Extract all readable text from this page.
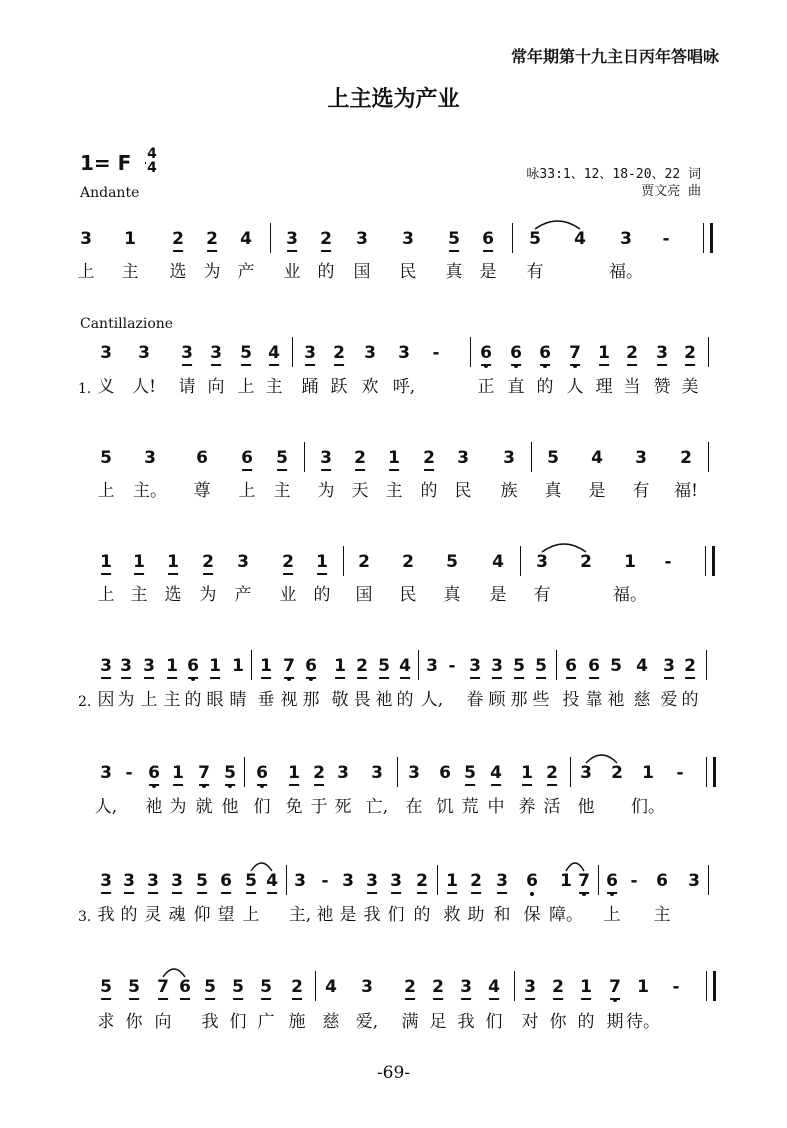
常年期第十九主日丙年答唱咏
上主选为产业
1= F 4
4
Andante
咏33:1、12、18-20、22 词
贾文亮 曲
Cantillazione
3 1 2 2 4 3 2 3 3 5 6 5 4 3 -
上 主 选 为 产 业 的 国 民 真 是 有	福。
1.
3 3 3 3 5 4 3 2 3 3 - 6 6 6 7 1 2 3 2
义 人! 请 向 上 主 踊 跃 欢 呼,	正 直 的 人 理 当 赞 美
5 3 6 6 5 3 2 1 2 3 3 5 4 3 2
上 主。 尊 上 主 为 天 主 的 民 族 真 是 有 福!
1 1 1 2 3 2 1 2 2 5 4 3 2 1 -
上 主 选 为 产 业 的 国 民 真 是 有	福。
2.
3 3 3 1 6 1 1 1 7 6 1 2 5 4 3 - 3 3 5 5 6 6 5 4 3 2
因 为 上 主 的 眼 睛 垂 视 那 敬 畏 祂 的 人, 眷 顾 那 些 投 靠 祂 慈 爱 的
3 - 6 1 7 5 6 1 2 3 3 3 6 5 4 1 2 3 2 1 -
人, 祂 为 就 他 们 免 于 死 亡, 在 饥 荒 中 养 活 他 们。
3.
3 3 3 3 5 6 5 4 3 - 3 3 3 2 1 2 3 6 1 7 6 - 6 3
我 的 灵 魂 仰 望 上 主, 祂 是 我 们 的 救 助 和 保 障。 上 主
5 5 7 6 5 5 5 2 4 3 2 2 3 4 3 2 1 7 1 -
求 你 向 我 们 广 施 慈 爱, 满 足 我 们 对 你 的 期 待。
-69-
